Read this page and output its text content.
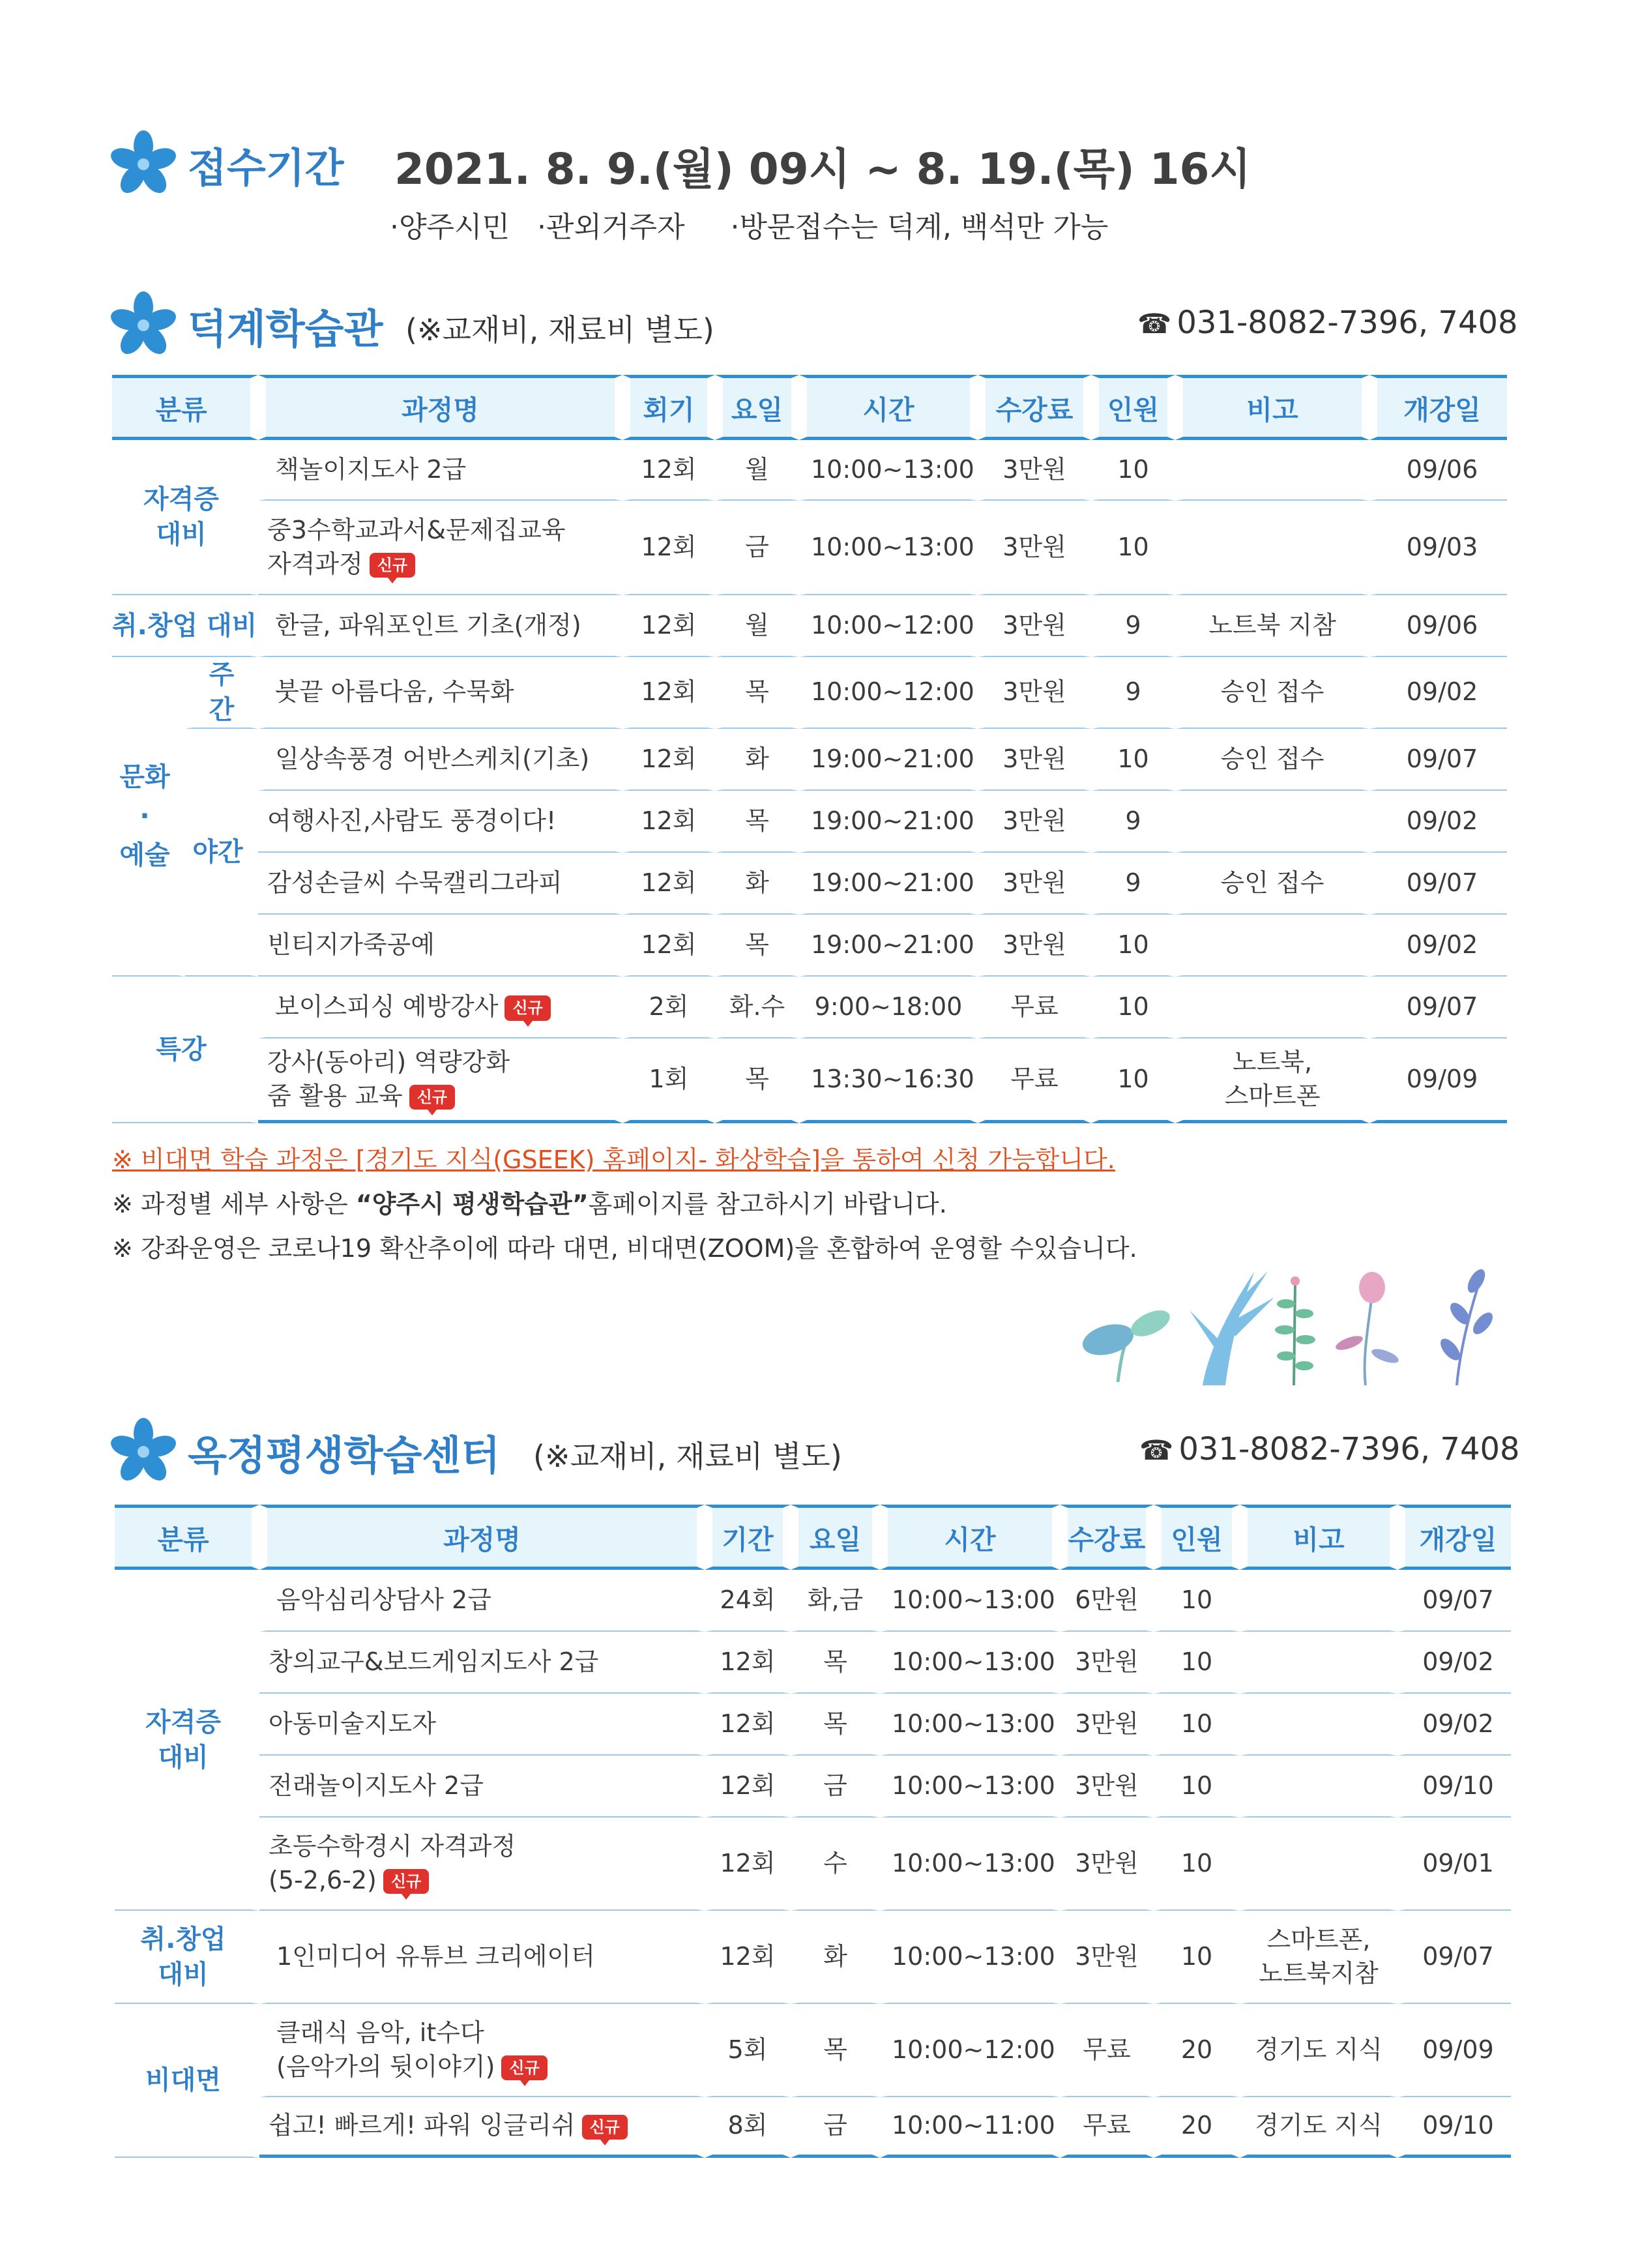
접수기간 2021. 8. 9.(월) 09시 ~ 8. 19.(목) 16시
·양주시민 ·관외거주자 ·방문접수는 덕계, 백석만 가능
덕계학습관 (※교재비, 재료비 별도)	☎ 031-8082-7396, 7408
분류		과정명	회기	요일	시간	수강료	인원	비고	개강일
자격증
대비		책놀이지도사 2급	12회	월	10:00~13:00	3만원	10		09/06
		중3수학교과서&문제집교육
자격과정 신규	12회	금	10:00~13:00	3만원	10		09/03
취.창업 대비		한글, 파워포인트 기초(개정)	12회	월	10:00~12:00	3만원	9	노트북 지참	09/06
문화
·
예술	주간	붓끝 아름다움, 수묵화	12회	목	10:00~12:00	3만원	9	승인 접수	09/02
	야간	일상속풍경 어반스케치(기초)	12회	화	19:00~21:00	3만원	10	승인 접수	09/07
		여행사진,사람도 풍경이다!	12회	목	19:00~21:00	3만원	9		09/02
		감성손글씨 수묵캘리그라피	12회	화	19:00~21:00	3만원	9	승인 접수	09/07
		빈티지가죽공예	12회	목	19:00~21:00	3만원	10		09/02
특강		보이스피싱 예방강사 신규	2회	화.수	9:00~18:00	무료	10		09/07
		강사(동아리) 역량강화
줌 활용 교육 신규	1회	목	13:30~16:30	무료	10	노트북,
스마트폰	09/09
※ 비대면 학습 과정은 [경기도 지식(GSEEK) 홈페이지- 화상학습]을 통하여 신청 가능합니다.
※ 과정별 세부 사항은 “양주시 평생학습관”홈페이지를 참고하시기 바랍니다.
※ 강좌운영은 코로나19 확산추이에 따라 대면, 비대면(ZOOM)을 혼합하여 운영할 수있습니다.
옥정평생학습센터 (※교재비, 재료비 별도)	☎ 031-8082-7396, 7408
분류	과정명	기간	요일	시간	수강료	인원	비고	개강일
자격증
대비	음악심리상담사 2급	24회	화,금	10:00~13:00	6만원	10		09/07
	창의교구&보드게임지도사 2급	12회	목	10:00~13:00	3만원	10		09/02
	아동미술지도자	12회	목	10:00~13:00	3만원	10		09/02
	전래놀이지도사 2급	12회	금	10:00~13:00	3만원	10		09/10
	초등수학경시 자격과정
(5-2,6-2) 신규	12회	수	10:00~13:00	3만원	10		09/01
취.창업
대비	1인미디어 유튜브 크리에이터	12회	화	10:00~13:00	3만원	10	스마트폰,
노트북지참	09/07
비대면	클래식 음악, it수다
(음악가의 뒷이야기) 신규	5회	목	10:00~12:00	무료	20	경기도 지식	09/09
	쉽고! 빠르게! 파워 잉글리쉬 신규	8회	금	10:00~11:00	무료	20	경기도 지식	09/10
